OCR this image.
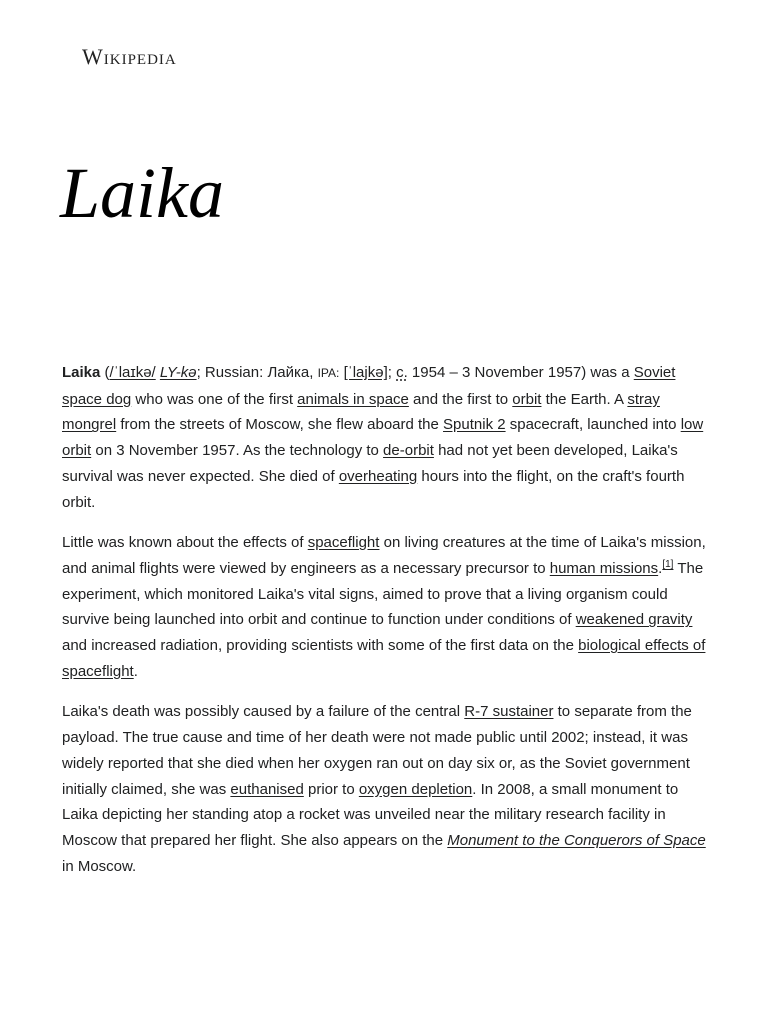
Wikipedia
Laika

Laika (/ˈlaɪkə/ LY-kə; Russian: Лайка, IPA: [ˈlajkə]; c. 1954 – 3 November 1957) was a Soviet space dog who was one of the first animals in space and the first to orbit the Earth. A stray mongrel from the streets of Moscow, she flew aboard the Sputnik 2 spacecraft, launched into low orbit on 3 November 1957. As the technology to de-orbit had not yet been developed, Laika's survival was never expected. She died of overheating hours into the flight, on the craft's fourth orbit.

Little was known about the effects of spaceflight on living creatures at the time of Laika's mission, and animal flights were viewed by engineers as a necessary precursor to human missions.[1] The experiment, which monitored Laika's vital signs, aimed to prove that a living organism could survive being launched into orbit and continue to function under conditions of weakened gravity and increased radiation, providing scientists with some of the first data on the biological effects of spaceflight.

Laika's death was possibly caused by a failure of the central R-7 sustainer to separate from the payload. The true cause and time of her death were not made public until 2002; instead, it was widely reported that she died when her oxygen ran out on day six or, as the Soviet government initially claimed, she was euthanised prior to oxygen depletion. In 2008, a small monument to Laika depicting her standing atop a rocket was unveiled near the military research facility in Moscow that prepared her flight. She also appears on the Monument to the Conquerors of Space in Moscow.
